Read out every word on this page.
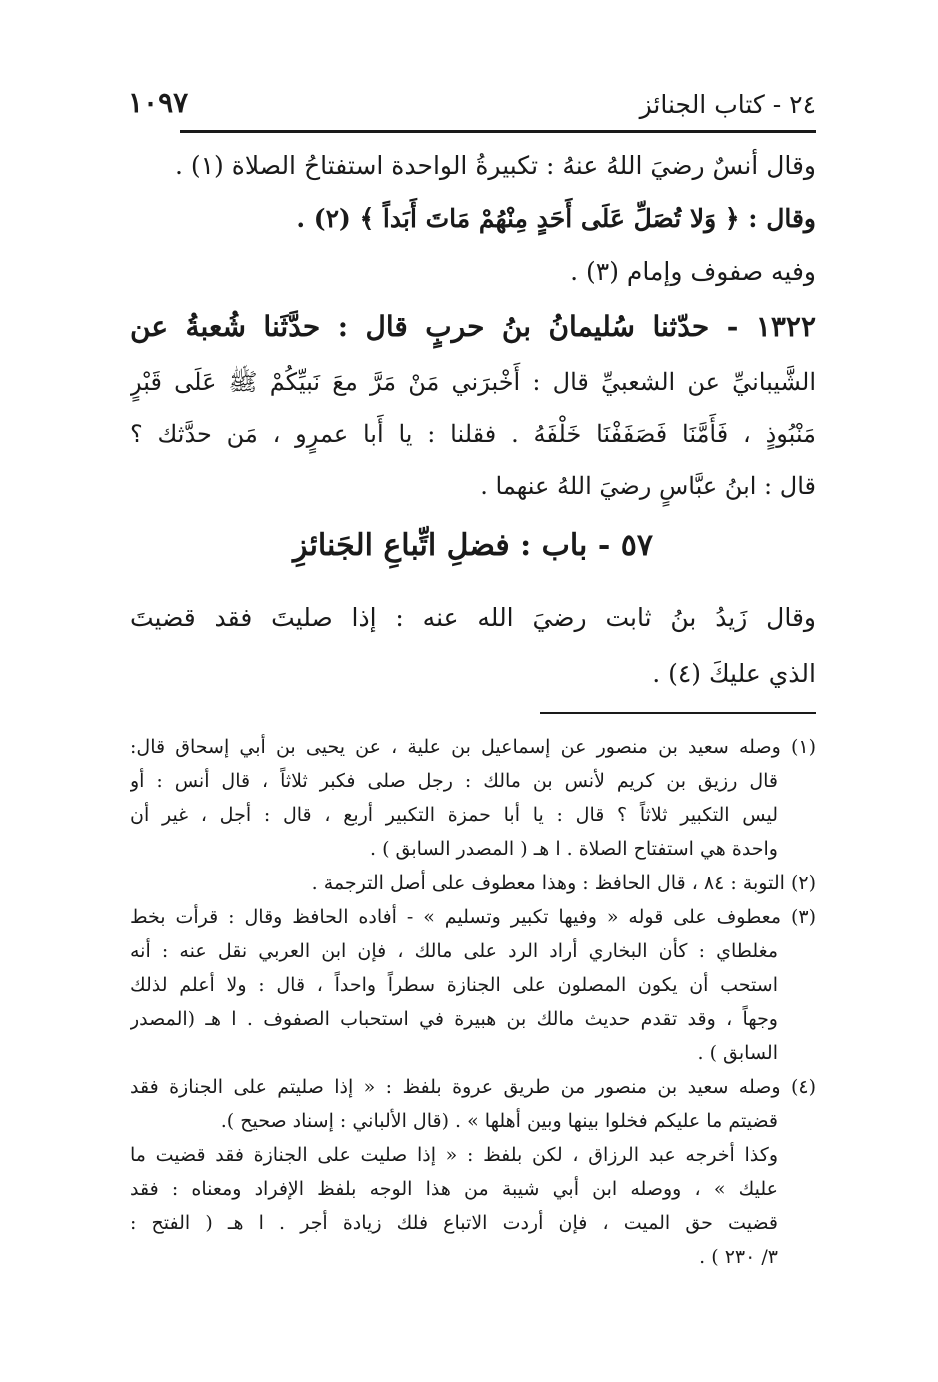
٢٤ - كتاب الجنائز
١٠٩٧
وقال أنسٌ رضيَ اللهُ عنهُ : تكبيرةُ الواحدة استفتاحُ الصلاة (١) .
وقال : ﴿ وَلا تُصَلِّ عَلَى أَحَدٍ مِنْهُمْ مَاتَ أَبَداً ﴾ (٢) .
وفيه صفوف وإمام (٣) .
١٣٢٢ - حدّثنا سُليمانُ بنُ حربٍ قال : حدَّثَنا شُعبةُ عن
الشَّيبانيِّ عن الشعبيِّ قال : أَخْبرَني مَنْ مَرَّ معَ نَبيِّكُمْ ﷺ عَلَى قَبْرٍ
مَنْبُوذٍ ، فَأَمَّنَا فَصَفَفْنَا خَلْفَهُ . فقلنا : يا أَبا عمرٍو ، مَن حدَّثك ؟
قال : ابنُ عبَّاسٍ رضيَ اللهُ عنهما .
٥٧ - باب : فضلِ اتِّباعِ الجَنائزِ
وقال زَيدُ بنُ ثابت رضيَ الله عنه : إذا صليتَ فقد قضيتَ
الذي عليكَ (٤) .
(١) وصله سعيد بن منصور عن إسماعيل بن علية ، عن يحيى بن أبي إسحاق قال:
قال رزيق بن كريم لأنس بن مالك : رجل صلى فكبر ثلاثاً ، قال أنس : أو
ليس التكبير ثلاثاً ؟ قال : يا أبا حمزة التكبير أربع ، قال : أجل ، غير أن
واحدة هي استفتاح الصلاة . ا هـ ( المصدر السابق ) .
(٢) التوبة : ٨٤ ، قال الحافظ : وهذا معطوف على أصل الترجمة .
(٣) معطوف على قوله « وفيها تكبير وتسليم » - أفاده الحافظ وقال : قرأت بخط
مغلطاي : كأن البخاري أراد الرد على مالك ، فإن ابن العربي نقل عنه : أنه
استحب أن يكون المصلون على الجنازة سطراً واحداً ، قال : ولا أعلم لذلك
وجهاً ، وقد تقدم حديث مالك بن هبيرة في استحباب الصفوف . ا هـ (المصدر
السابق ) .
(٤) وصله سعيد بن منصور من طريق عروة بلفظ : « إذا صليتم على الجنازة فقد
قضيتم ما عليكم فخلوا بينها وبين أهلها » . (قال الألباني : إسناد صحيح ).
وكذا أخرجه عبد الرزاق ، لكن بلفظ : « إذا صليت على الجنازة فقد قضيت ما
عليك » ، ووصله ابن أبي شيبة من هذا الوجه بلفظ الإفراد ومعناه : فقد
قضيت حق الميت ، فإن أردت الاتباع فلك زيادة أجر . ا هـ ( الفتح :
٣/ ٢٣٠ ) .
